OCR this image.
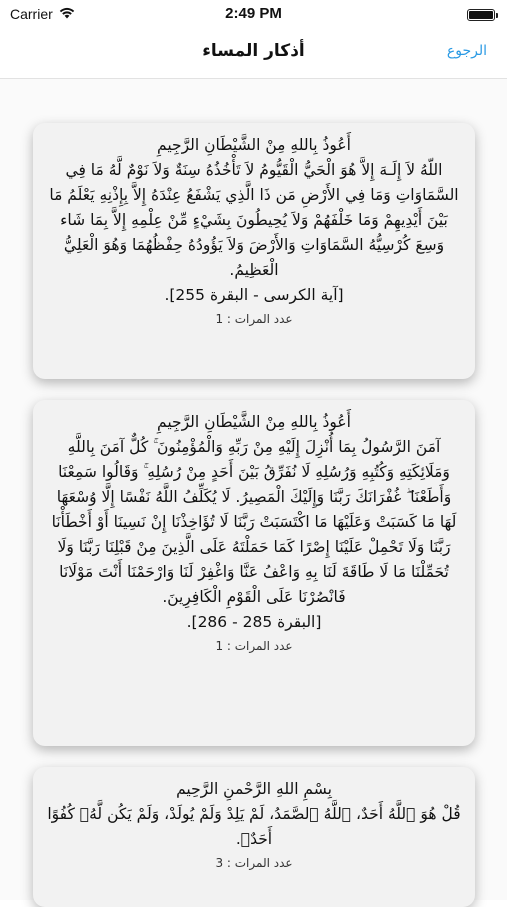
Carrier	2:49 PM
أذكار المساء	الرجوع
أَعُوذُ بِاللهِ مِنْ الشَّيْطَانِ الرَّجِيمِ
اللّهُ لاَ إِلَـهَ إِلاَّ هُوَ الْحَيُّ الْقَيُّومُ لاَ تَأْخُذُهُ سِنَةٌ وَلاَ نَوْمٌ لَّهُ مَا فِي السَّمَاوَاتِ وَمَا فِي الأَرْضِ مَن ذَا الَّذِي يَشْفَعُ عِنْدَهُ إِلاَّ بِإِذْنِهِ يَعْلَمُ مَا بَيْنَ أَيْدِيهِمْ وَمَا خَلْفَهُمْ وَلاَ يُحِيطُونَ بِشَيْءٍ مِّنْ عِلْمِهِ إِلاَّ بِمَا شَاء وَسِعَ كُرْسِيُّهُ السَّمَاوَاتِ وَالأَرْضَ وَلاَ يَؤُودُهُ حِفْظُهُمَا وَهُوَ الْعَلِيُّ الْعَظِيمُ.
[آية الكرسى - البقرة 255].
عدد المرات : 1
أَعُوذُ بِاللهِ مِنْ الشَّيْطَانِ الرَّجِيمِ
آمَنَ الرَّسُولُ بِمَا أُنْزِلَ إِلَيْهِ مِنْ رَبِّهِ وَالْمُؤْمِنُونَ ۚ كُلٌّ آمَنَ بِاللَّهِ وَمَلَائِكَتِهِ وَكُتُبِهِ وَرُسُلِهِ لَا نُفَرِّقُ بَيْنَ أَحَدٍ مِنْ رُسُلِهِ ۚ وَقَالُوا سَمِعْنَا وَأَطَعْنَا ۖ غُفْرَانَكَ رَبَّنَا وَإِلَيْكَ الْمَصِيرُ. لَا يُكَلِّفُ اللَّهُ نَفْسًا إِلَّا وُسْعَهَا لَهَا مَا كَسَبَتْ وَعَلَيْهَا مَا اكْتَسَبَتْ رَبَّنَا لَا تُؤَاخِذْنَا إِنْ نَسِينَا أَوْ أَخْطَأْنَا رَبَّنَا وَلَا تَحْمِلْ عَلَيْنَا إِصْرًا كَمَا حَمَلْتَهُ عَلَى الَّذِينَ مِنْ قَبْلِنَا رَبَّنَا وَلَا تُحَمِّلْنَا مَا لَا طَاقَةَ لَنَا بِهِ وَاعْفُ عَنَّا وَاغْفِرْ لَنَا وَارْحَمْنَا أَنْتَ مَوْلَانَا فَانْصُرْنَا عَلَى الْقَوْمِ الْكَافِرِينَ.
[البقرة 285 - 286].
عدد المرات : 1
بِسْمِ اللهِ الرَّحْمنِ الرَّحِيم
قُلْ هُوَ ٱللَّهُ أَحَدٌ، ٱللَّهُ ٱلصَّمَدُ، لَمْ يَلِدْ وَلَمْ يُولَدْ، وَلَمْ يَكُن لَّهُۥ كُفُوًا أَحَدٌۢ.
عدد المرات : 3
